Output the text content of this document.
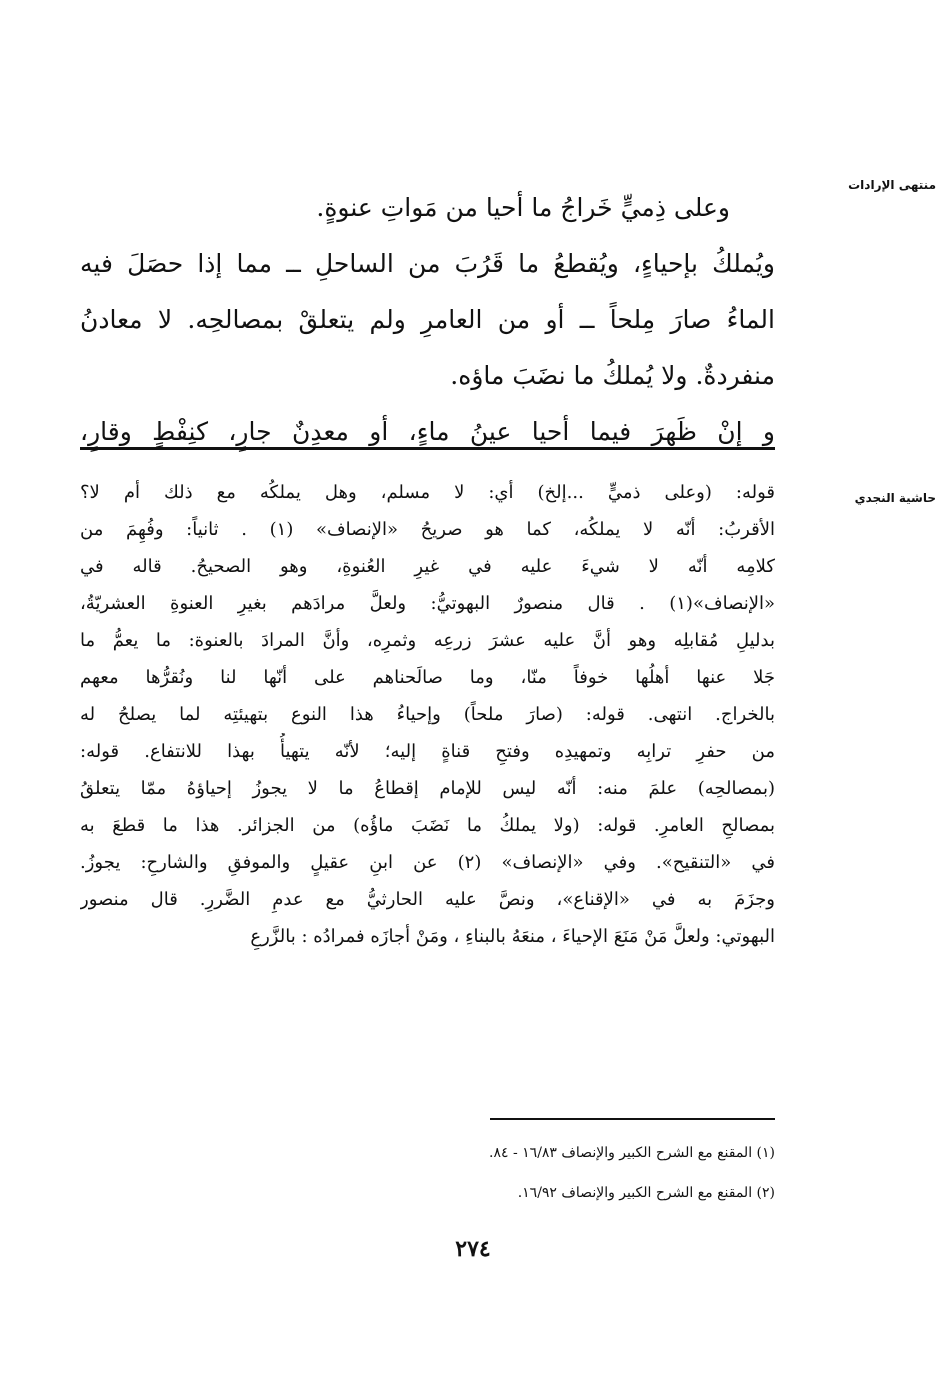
منتهى الإرادات
حاشية النجدي
وعلى ذِميٍّ خَراجُ ما أحيا من مَواتِ عنوةٍ.
ويُملكُ بإحياءٍ، ويُقطعُ ما قَرُبَ من الساحلِ ــ مما إذا حصَلَ فيه
الماءُ صارَ مِلحاً ــ أو من العامرِ ولم يتعلقْ بمصالحِه. لا معادنُ
منفردةٌ. ولا يُملكُ ما نضَبَ ماؤه.
و إنْ ظَهرَ فيما أحيا عينُ ماءٍ، أو معدِنٌ جارٍ، كنِفْطٍ وقارٍ،
قوله: (وعلى ذميٍّ ...إلخ) أي: لا مسلم، وهل يملكُه مع ذلك أم لا؟
الأقربُ: أنّه لا يملكُه، كما هو صريحُ «الإنصاف» (١) . ثانياً: وفُهِمَ من
كلامِه أنّه لا شيءَ عليه في غيرِ العُنوةِ، وهو الصحيحُ. قاله في
«الإنصاف»(١) . قال منصورٌ البهوتيُّ: ولعلَّ مرادَهم بغيرِ العنوةِ العشريّةُ،
بدليلِ مُقابلِه وهو أنَّ عليه عشرَ زرعِه وثمرِه، وأنَّ المرادَ بالعنوة: ما يعمُّ ما
جَلا عنها أهلُها خوفاً منّا، وما صالَحناهم على أنّها لنا ونُقرُّها معهم
بالخراج. انتهى. قوله: (صارَ ملحاً) وإحياءُ هذا النوع بتهيئتِه لما يصلحُ له
من حفرِ ترابِه وتمهيدِه وفتحِ قناةٍ إليه؛ لأنّه يتهيأُ بهذا للانتفاع. قوله:
(بمصالحِه) علمَ منه: أنّه ليس للإمام إقطاعُ ما لا يجوزُ إحياؤهُ ممّا يتعلقُ
بمصالحِ العامرِ. قوله: (ولا يملكُ ما نَضَبَ ماؤُه) من الجزائر. هذا ما قطعَ به
في «التنقيح». وفي «الإنصاف» (٢) عن ابنِ عقيلٍ والموفقِ والشارحِ: يجوزُ.
وجزَمَ به في «الإقناع»، ونصَّ عليه الحارثيُّ مع عدمِ الضَّررِ. قال منصور
البهوتي: ولعلَّ مَنْ مَنَعَ الإحياءَ ، منعَهُ بالبناءِ ، ومَنْ أجازَه فمرادُه : بالزَّرعِ
(١) المقنع مع الشرح الكبير والإنصاف ١٦/٨٣ - ٨٤.
(٢) المقنع مع الشرح الكبير والإنصاف ١٦/٩٢.
٢٧٤
